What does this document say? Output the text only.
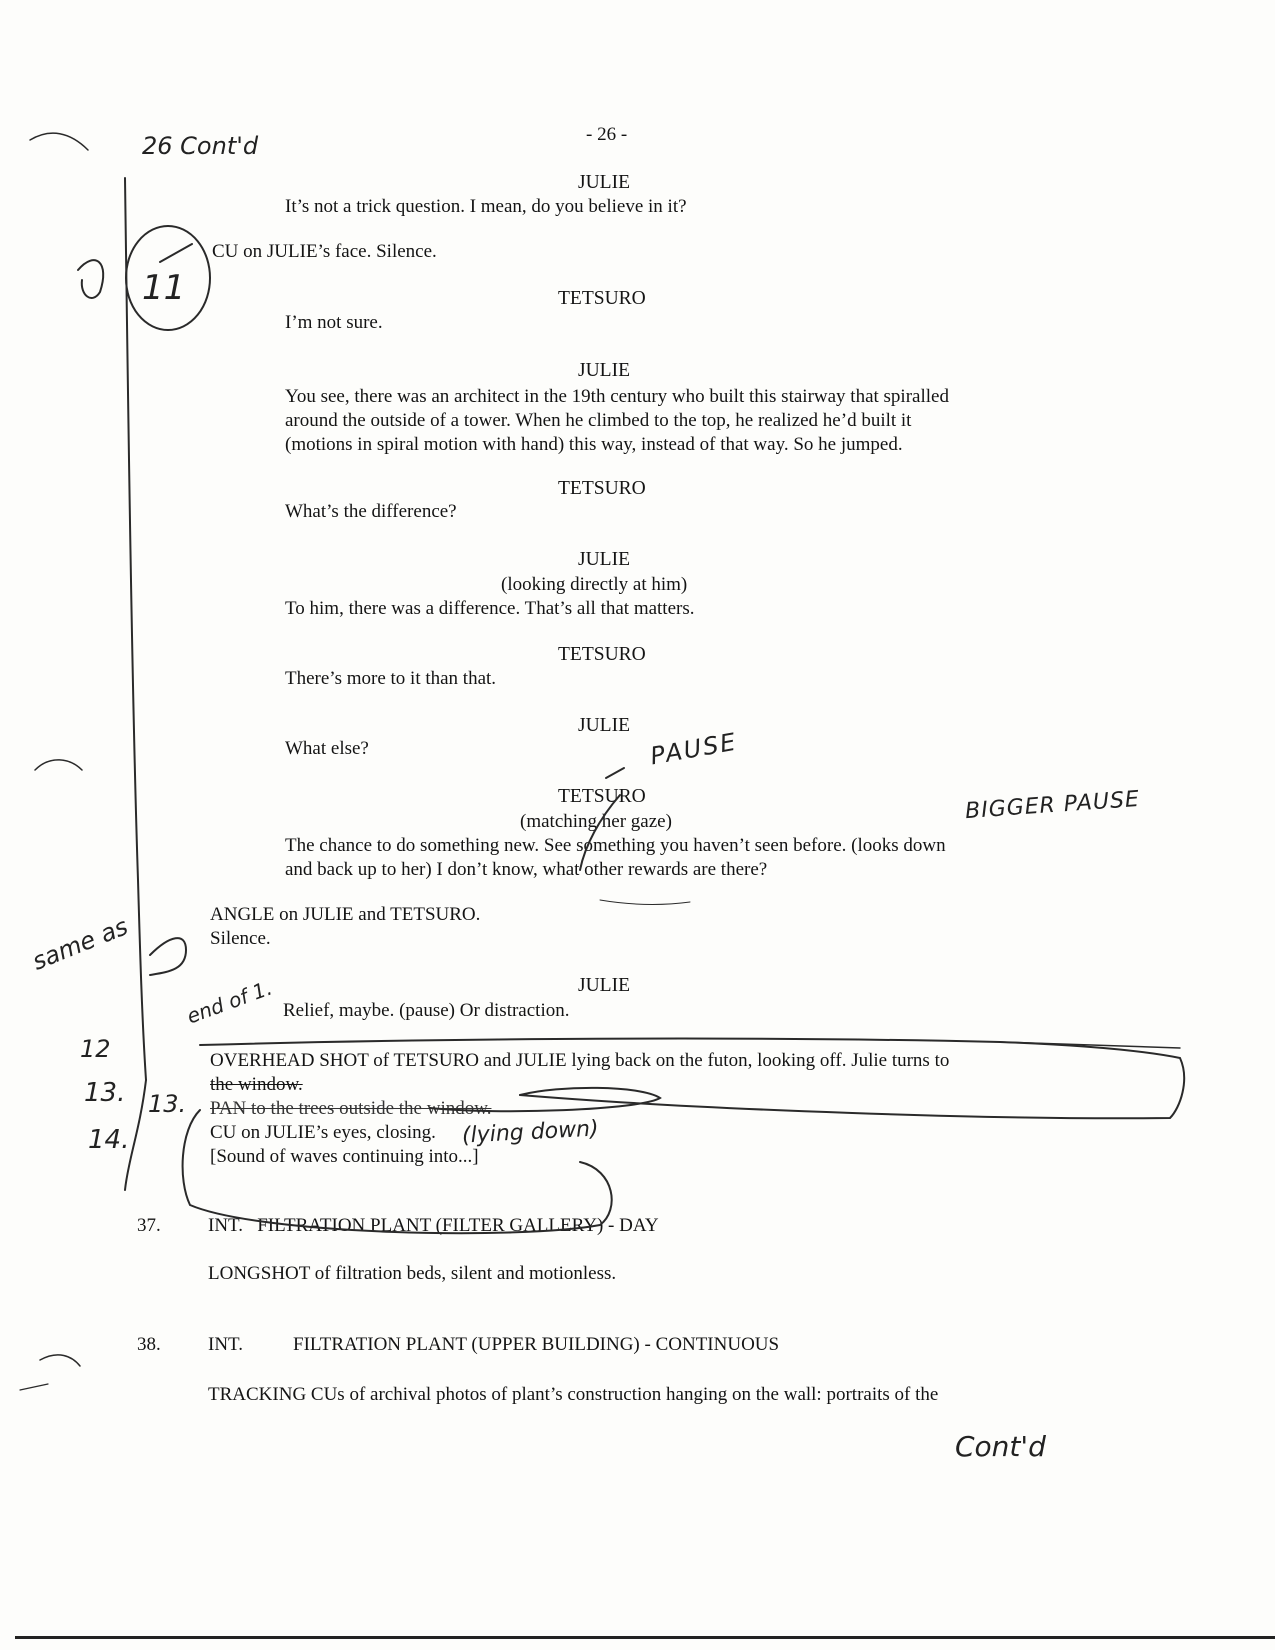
- 26 -
26 Cont'd
JULIE
It’s not a trick question. I mean, do you believe in it?
CU on JULIE’s face. Silence.
TETSURO
I’m not sure.
JULIE
You see, there was an architect in the 19th century who built this stairway that spiralled
around the outside of a tower. When he climbed to the top, he realized he’d built it
(motions in spiral motion with hand) this way, instead of that way. So he jumped.
TETSURO
What’s the difference?
JULIE
(looking directly at him)
To him, there was a difference. That’s all that matters.
TETSURO
There’s more to it than that.
JULIE
What else?
TETSURO
(matching her gaze)
The chance to do something new. See something you haven’t seen before. (looks down
and back up to her) I don’t know, what other rewards are there?
ANGLE on JULIE and TETSURO.
Silence.
JULIE
Relief, maybe. (pause) Or distraction.
OVERHEAD SHOT of TETSURO and JULIE lying back on the futon, looking off. Julie turns to
the window.
PAN to the trees outside the window.
CU on JULIE’s eyes, closing.
[Sound of waves continuing into...]
37. INT.   FILTRATION PLANT (FILTER GALLERY) - DAY
LONGSHOT of filtration beds, silent and motionless.
38. INT.	FILTRATION PLANT (UPPER BUILDING) - CONTINUOUS
TRACKING CUs of archival photos of plant’s construction hanging on the wall: portraits of the
Cont'd
11
PAUSE
BIGGER PAUSE
same as
end of 1.
12
13. 13.
14.	(lying down)
